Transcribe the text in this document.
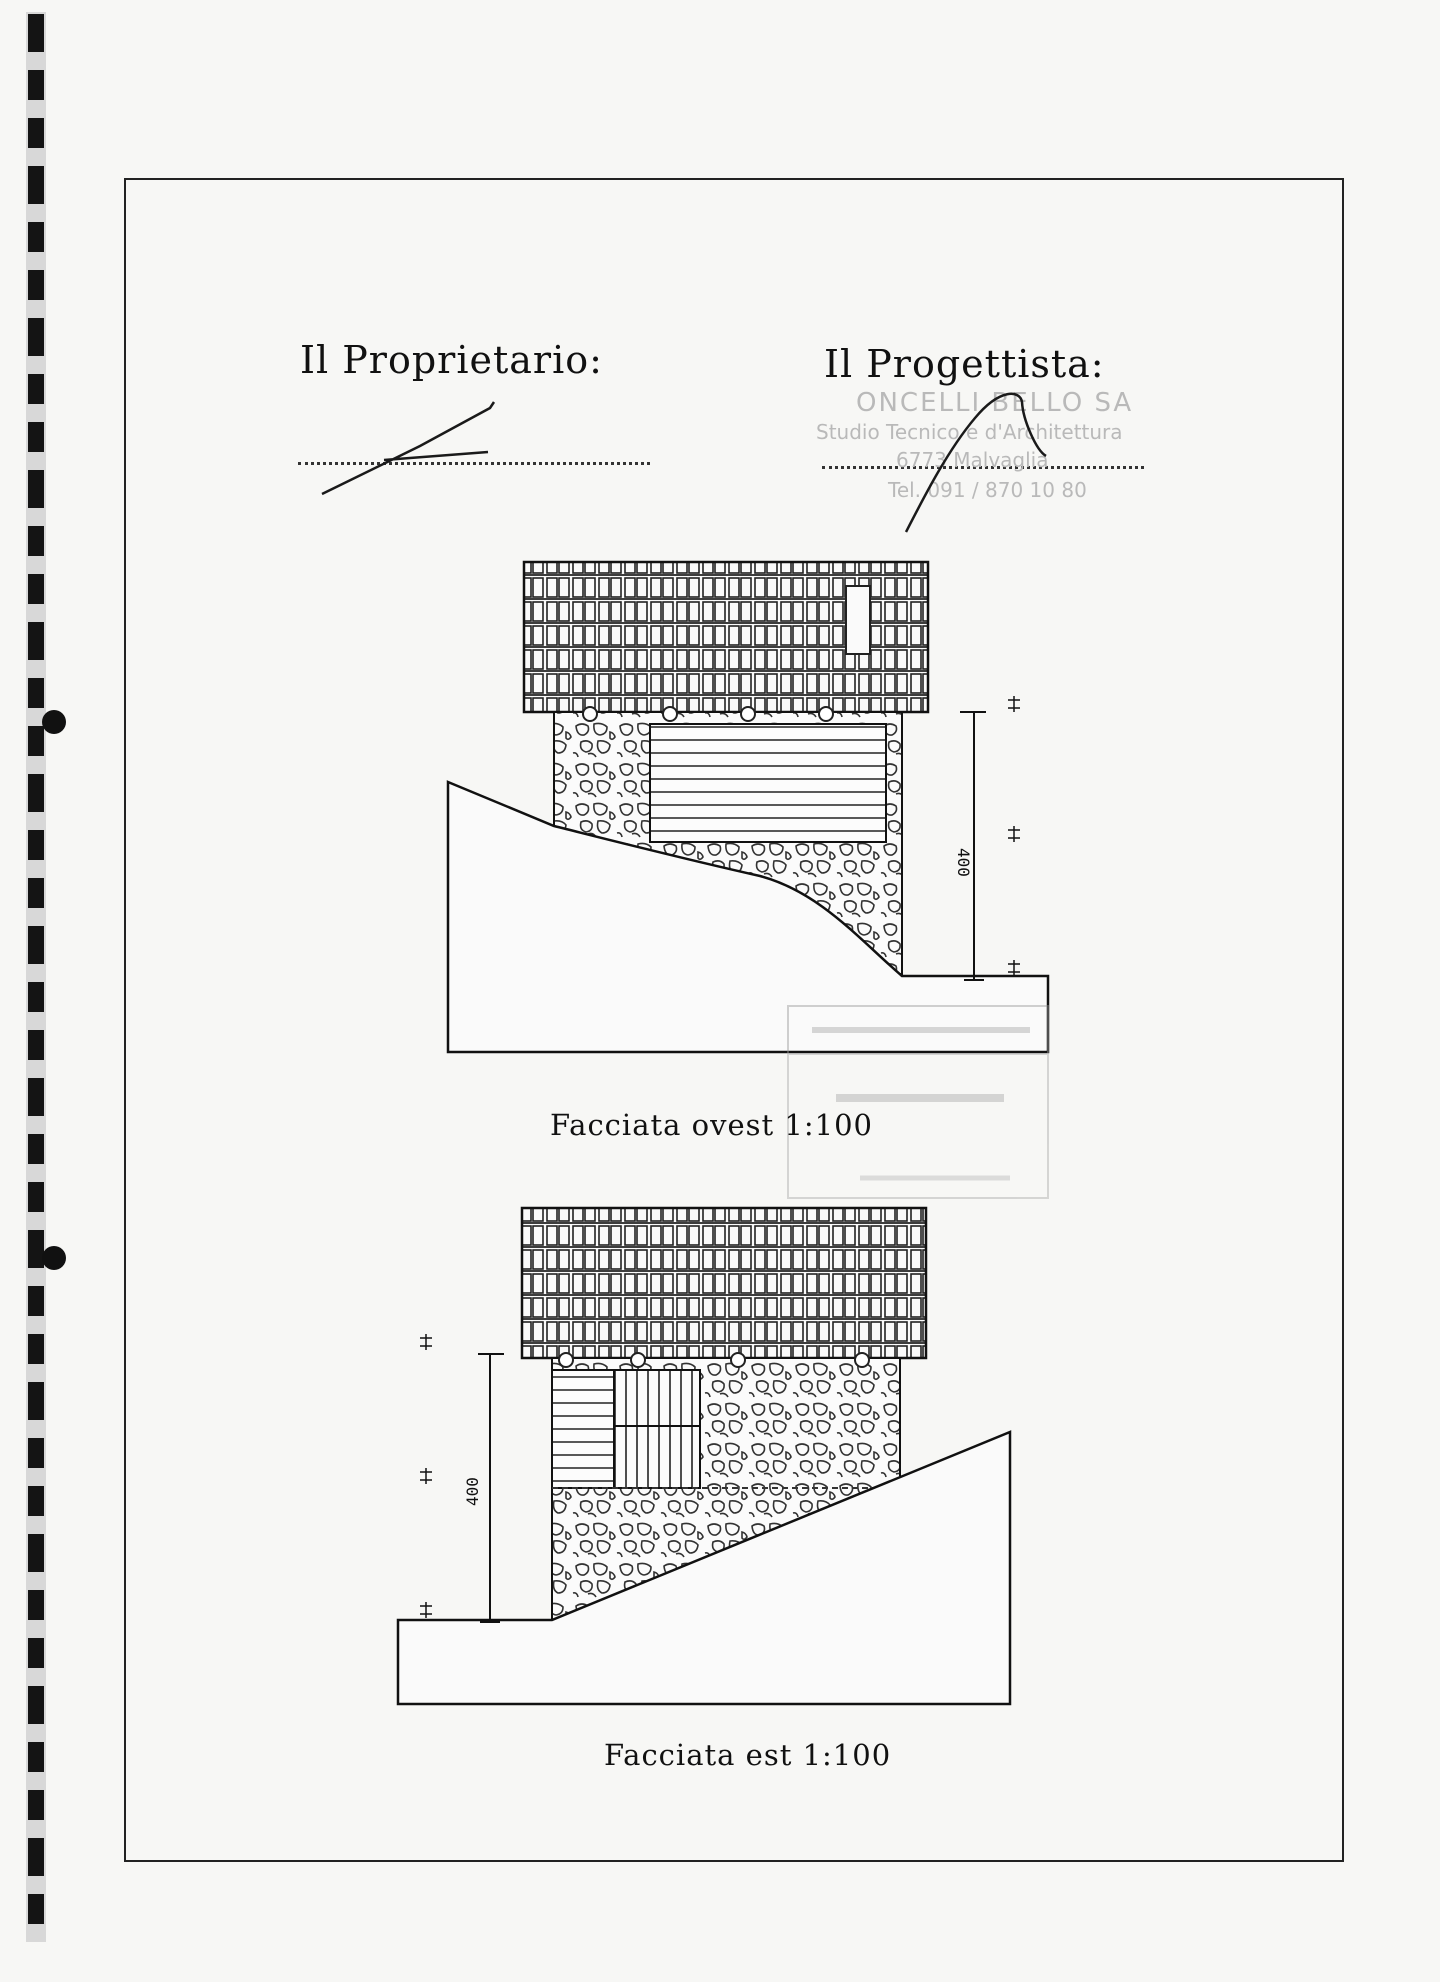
Il Proprietario:	Il Progettista:
ONCELLI BELLO SA
Studio Tecnico e d'Architettura
6773 Malvaglia
Tel. 091 / 870 10 80
400
400
Facciata ovest 1:100
Facciata est 1:100
